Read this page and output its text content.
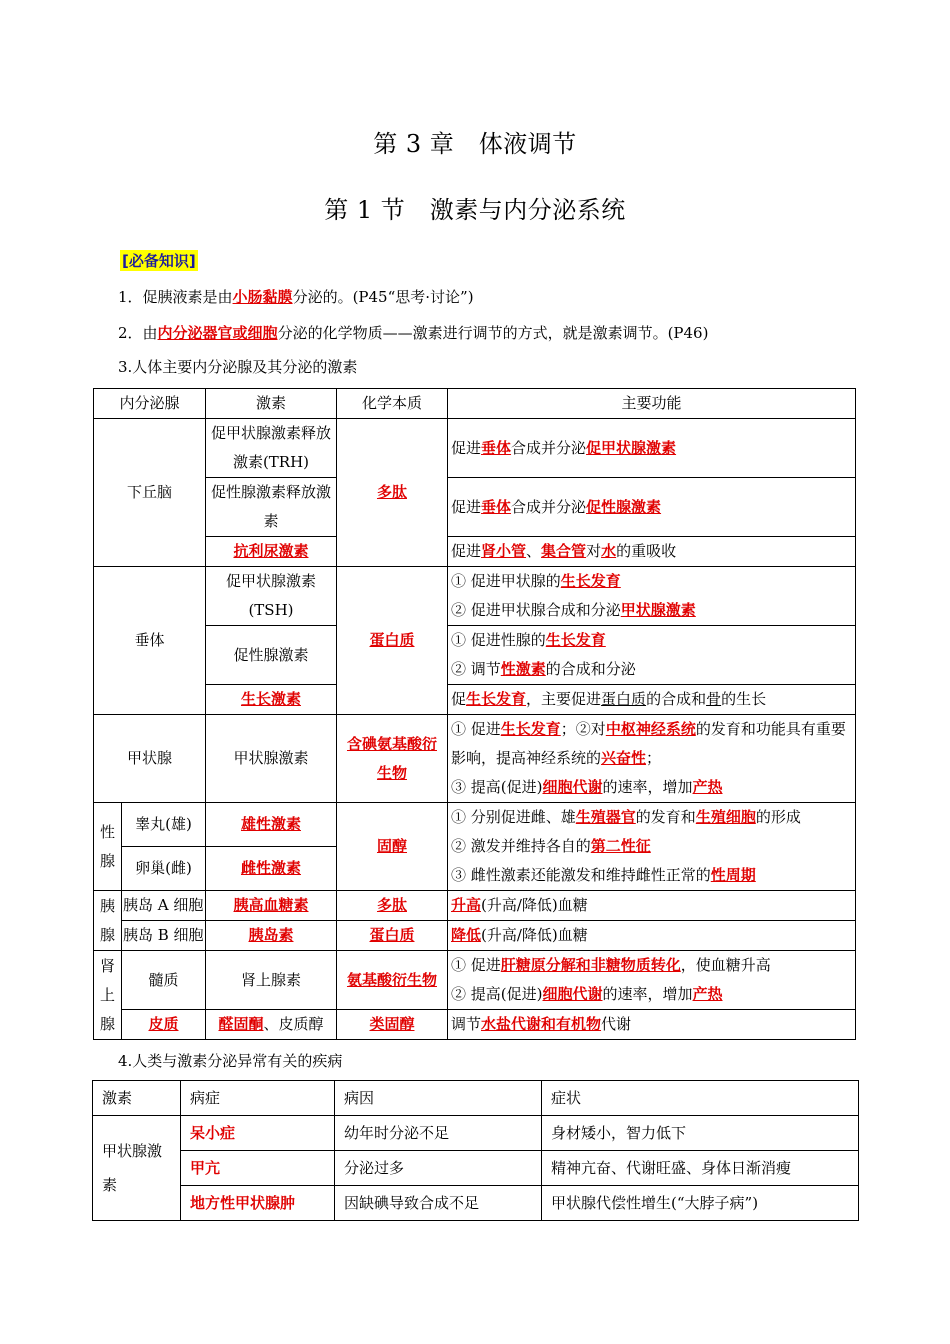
第 3 章　体液调节
第 1 节　激素与内分泌系统
[必备知识]
1．促胰液素是由小肠黏膜分泌的。(P45“思考·讨论”)
2．由内分泌器官或细胞分泌的化学物质——激素进行调节的方式，就是激素调节。(P46)
3.人体主要内分泌腺及其分泌的激素
内分泌腺		激素	化学本质	主要功能
下丘脑		促甲状腺激素释放激素(TRH)	多肽	促进垂体合成并分泌促甲状腺激素
		促性腺激素释放激素		促进垂体合成并分泌促性腺激素
		抗利尿激素		促进肾小管、集合管对水的重吸收
垂体		促甲状腺激素(TSH)	蛋白质	① 促进甲状腺的生长发育
② 促进甲状腺合成和分泌甲状腺激素

		促性腺激素		① 促进性腺的生长发育
② 调节性激素的合成和分泌

		生长激素		促生长发育，主要促进蛋白质的合成和骨的生长
甲状腺		甲状腺激素	含碘氨基酸衍生物	① 促进生长发育；②对中枢神经系统的发育和功能具有重要影响，提高神经系统的兴奋性；
③ 提高(促进)细胞代谢的速率，增加产热

性腺	睾丸(雄)	雄性激素	固醇	① 分别促进雌、雄生殖器官的发育和生殖细胞的形成
② 激发并维持各自的第二性征
③ 雌性激素还能激发和维持雌性正常的性周期

	卵巢(雌)	雌性激素		
胰腺	胰岛 A 细胞	胰高血糖素	多肽	升高(升高/降低)血糖
	胰岛 B 细胞	胰岛素	蛋白质	降低(升高/降低)血糖
肾上腺	髓质	肾上腺素	氨基酸衍生物	① 促进肝糖原分解和非糖物质转化，使血糖升高
② 提高(促进)细胞代谢的速率，增加产热

	皮质	醛固酮、皮质醇	类固醇	调节水盐代谢和有机物代谢
4.人类与激素分泌异常有关的疾病
激素	病症	病因	症状
甲状腺激素	呆小症	幼年时分泌不足	身材矮小，智力低下
	甲亢	分泌过多	精神亢奋、代谢旺盛、身体日渐消瘦
	地方性甲状腺肿	因缺碘导致合成不足	甲状腺代偿性增生(“大脖子病”)
